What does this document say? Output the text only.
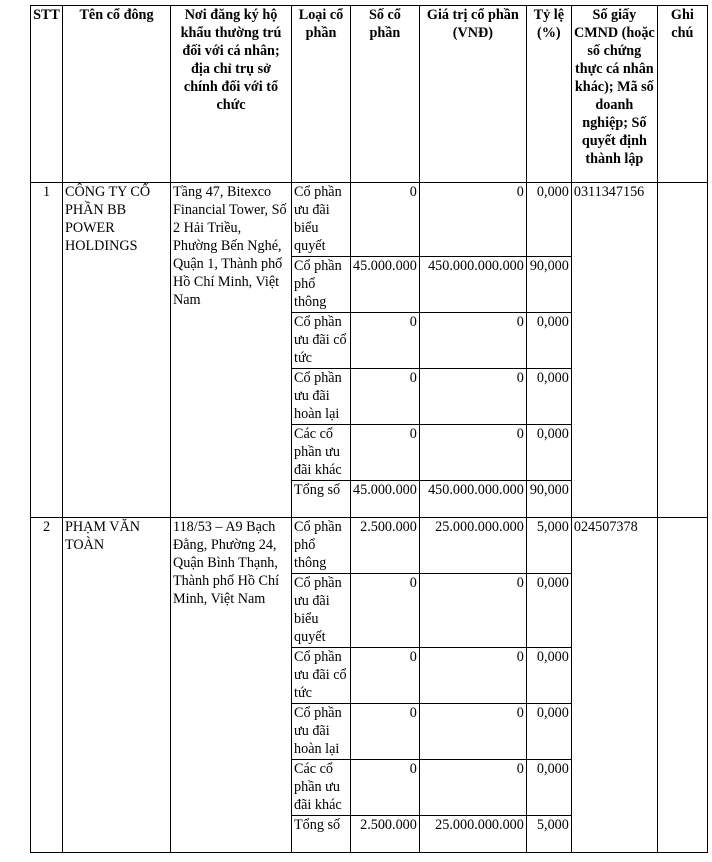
STT	Tên cổ đông	Nơi đăng ký hộ khẩu thường trú đối với cá nhân; địa chỉ trụ sở chính đối với tổ chức	Loại cổ phần	Số cổ phần	Giá trị cổ phần (VNĐ)	Tỷ lệ (%)	Số giấy CMND (hoặc số chứng thực cá nhân khác); Mã số doanh nghiệp; Số quyết định thành lập	Ghi chú
1	CÔNG TY CỔ PHẦN BB POWER HOLDINGS	Tầng 47, Bitexco Financial Tower, Số 2 Hải Triều, Phường Bến Nghé, Quận 1, Thành phố Hồ Chí Minh, Việt Nam	Cổ phần ưu đãi biểu quyết	0	0	0,000	0311347156	
			Cổ phần phổ thông	45.000.000	450.000.000.000	90,000		
			Cổ phần ưu đãi cổ tức	0	0	0,000		
			Cổ phần ưu đãi hoàn lại	0	0	0,000		
			Các cổ phần ưu đãi khác	0	0	0,000		
			Tổng số	45.000.000	450.000.000.000	90,000		
2	PHẠM VĂN TOÀN	118/53 – A9 Bạch Đằng, Phường 24, Quận Bình Thạnh, Thành phố Hồ Chí Minh, Việt Nam	Cổ phần phổ thông	2.500.000	25.000.000.000	5,000	024507378	
			Cổ phần ưu đãi biểu quyết	0	0	0,000		
			Cổ phần ưu đãi cổ tức	0	0	0,000		
			Cổ phần ưu đãi hoàn lại	0	0	0,000		
			Các cổ phần ưu đãi khác	0	0	0,000		
			Tổng số	2.500.000	25.000.000.000	5,000		
